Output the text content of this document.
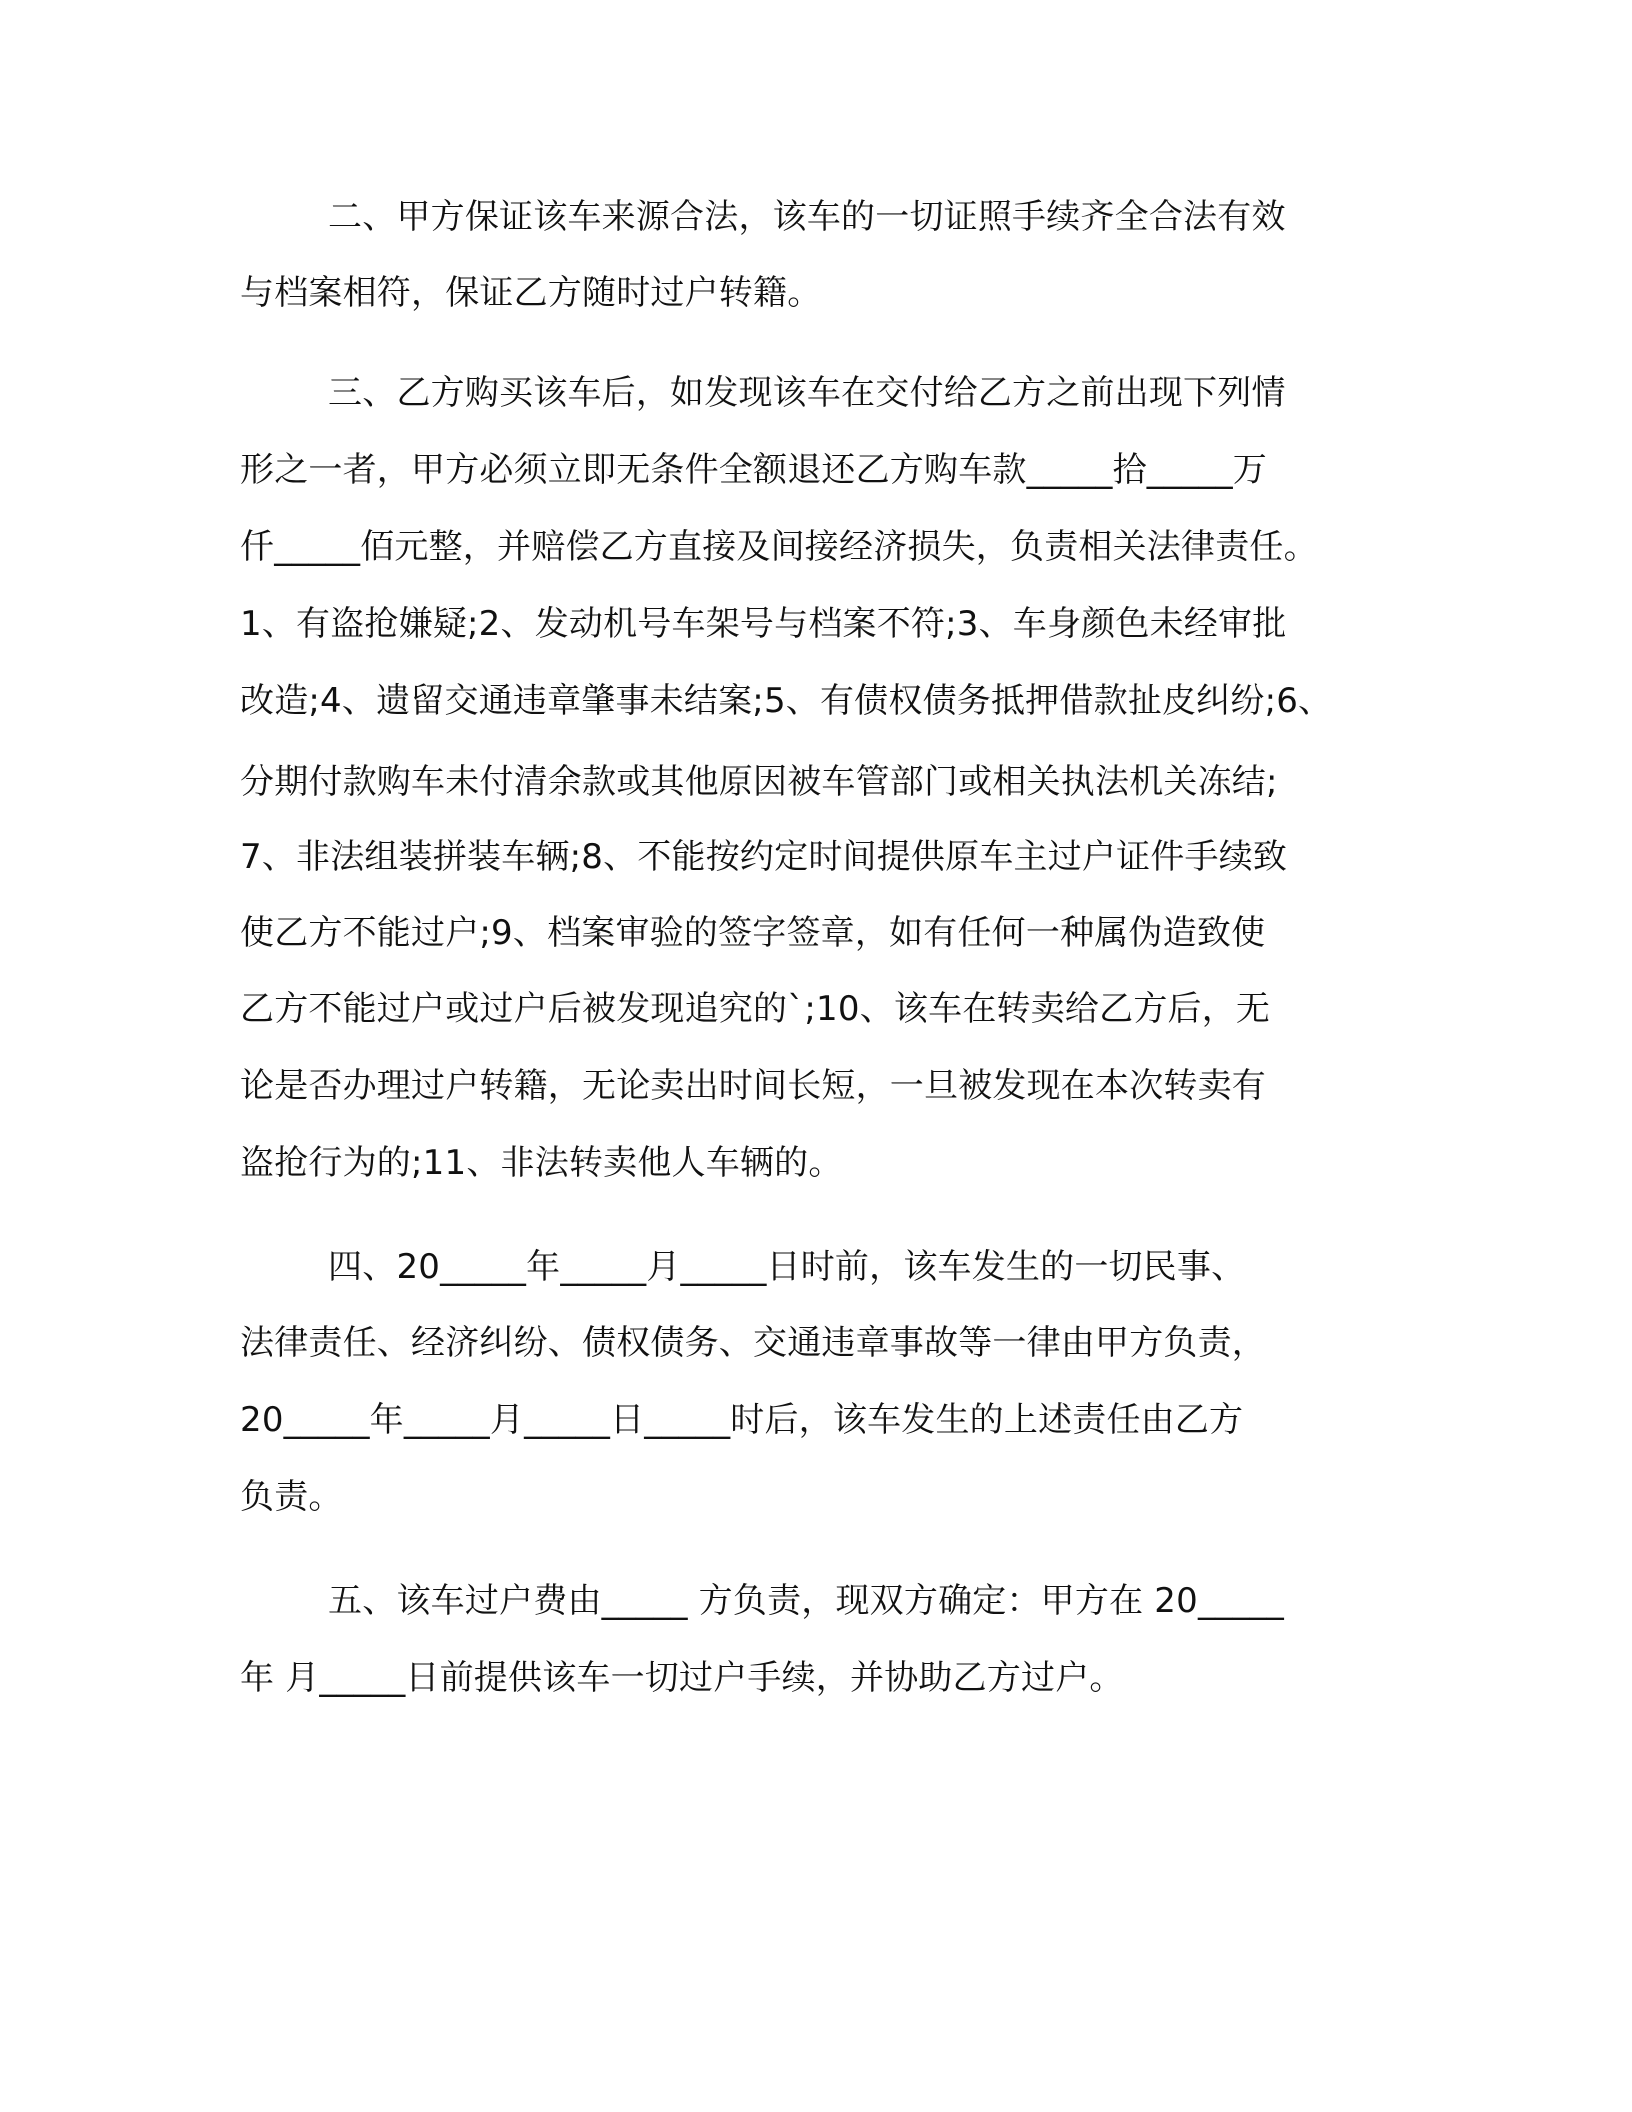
二、甲方保证该车来源合法，该车的一切证照手续齐全合法有效
与档案相符，保证乙方随时过户转籍。
三、乙方购买该车后，如发现该车在交付给乙方之前出现下列情
形之一者，甲方必须立即无条件全额退还乙方购车款_____拾_____万
仟_____佰元整，并赔偿乙方直接及间接经济损失，负责相关法律责任。
1、有盗抢嫌疑;2、发动机号车架号与档案不符;3、车身颜色未经审批
改造;4、遗留交通违章肇事未结案;5、有债权债务抵押借款扯皮纠纷;6、
分期付款购车未付清余款或其他原因被车管部门或相关执法机关冻结;
7、非法组装拼装车辆;8、不能按约定时间提供原车主过户证件手续致
使乙方不能过户;9、档案审验的签字签章，如有任何一种属伪造致使
乙方不能过户或过户后被发现追究的`;10、该车在转卖给乙方后，无
论是否办理过户转籍，无论卖出时间长短，一旦被发现在本次转卖有
盗抢行为的;11、非法转卖他人车辆的。
四、20_____年_____月_____日时前，该车发生的一切民事、
法律责任、经济纠纷、债权债务、交通违章事故等一律由甲方负责，
20_____年_____月_____日_____时后，该车发生的上述责任由乙方
负责。
五、该车过户费由_____ 方负责，现双方确定：甲方在 20_____
年 月_____日前提供该车一切过户手续，并协助乙方过户。
